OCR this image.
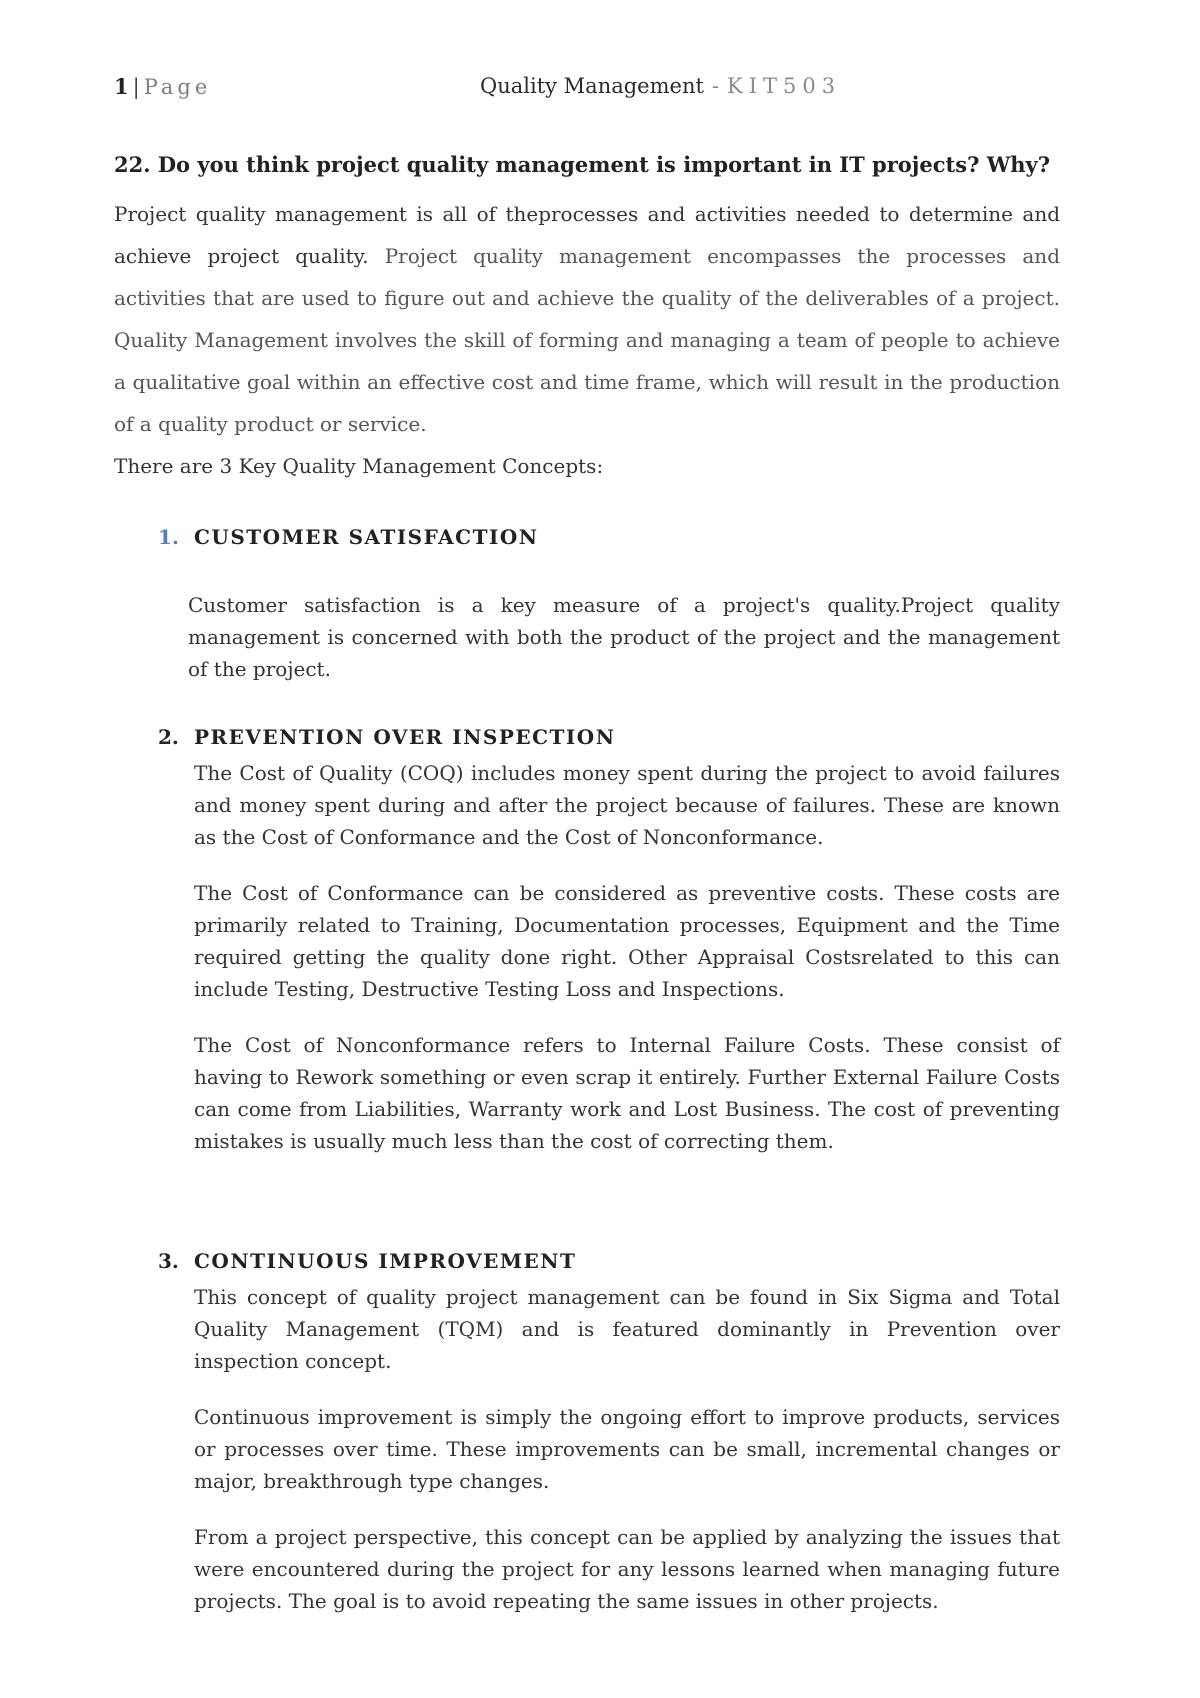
1 | Page	Quality Management - KIT503

22. Do you think project quality management is important in IT projects? Why?

Project quality management is all of theprocesses and activities needed to determine and achieve project quality. Project quality management encompasses the processes and activities that are used to figure out and achieve the quality of the deliverables of a project. Quality Management involves the skill of forming and managing a team of people to achieve a qualitative goal within an effective cost and time frame, which will result in the production of a quality product or service.

There are 3 Key Quality Management Concepts:

1. CUSTOMER SATISFACTION

Customer satisfaction is a key measure of a project's quality.Project quality management is concerned with both the product of the project and the management of the project.

2. PREVENTION OVER INSPECTION

The Cost of Quality (COQ) includes money spent during the project to avoid failures and money spent during and after the project because of failures. These are known as the Cost of Conformance and the Cost of Nonconformance.

The Cost of Conformance can be considered as preventive costs. These costs are primarily related to Training, Documentation processes, Equipment and the Time required getting the quality done right. Other Appraisal Costsrelated to this can include Testing, Destructive Testing Loss and Inspections.

The Cost of Nonconformance refers to Internal Failure Costs. These consist of having to Rework something or even scrap it entirely. Further External Failure Costs can come from Liabilities, Warranty work and Lost Business. The cost of preventing mistakes is usually much less than the cost of correcting them.

3. CONTINUOUS IMPROVEMENT

This concept of quality project management can be found in Six Sigma and Total Quality Management (TQM) and is featured dominantly in Prevention over inspection concept.

Continuous improvement is simply the ongoing effort to improve products, services or processes over time. These improvements can be small, incremental changes or major, breakthrough type changes.

From a project perspective, this concept can be applied by analyzing the issues that were encountered during the project for any lessons learned when managing future projects. The goal is to avoid repeating the same issues in other projects.
